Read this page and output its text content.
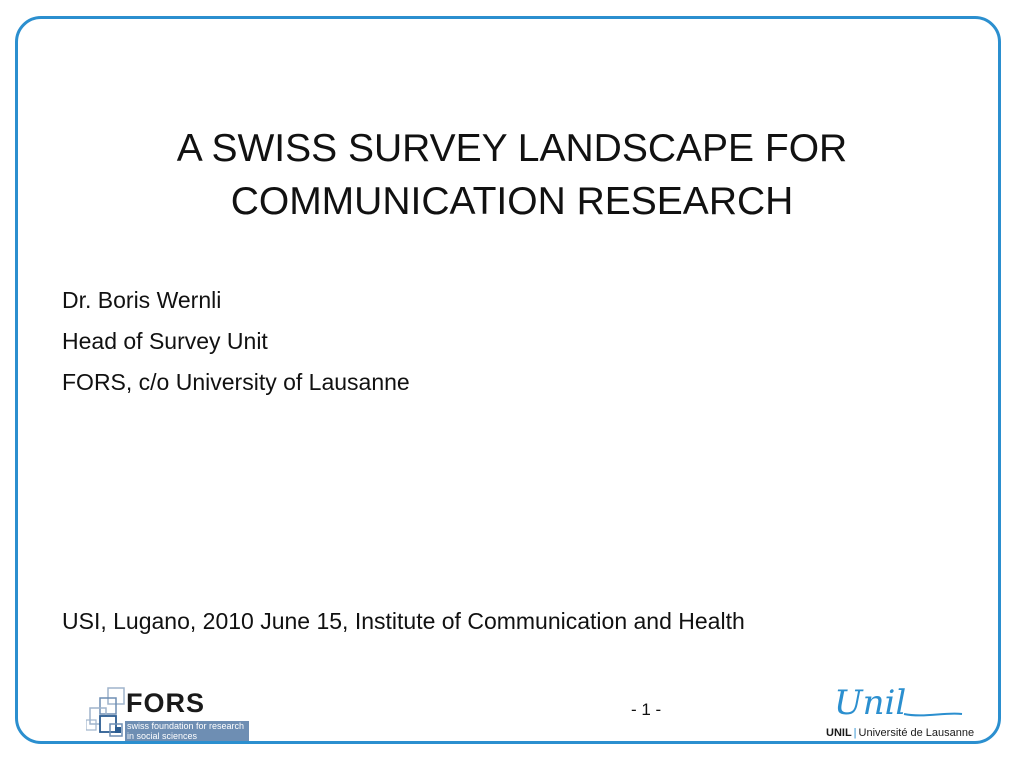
A SWISS SURVEY LANDSCAPE FOR
COMMUNICATION RESEARCH
Dr. Boris Wernli
Head of Survey Unit
FORS, c/o University of Lausanne
USI, Lugano, 2010 June 15, Institute of Communication and Health
- 1 -
FORS
swiss foundation for research
in social sciences
Unil
UNIL | Université de Lausanne
